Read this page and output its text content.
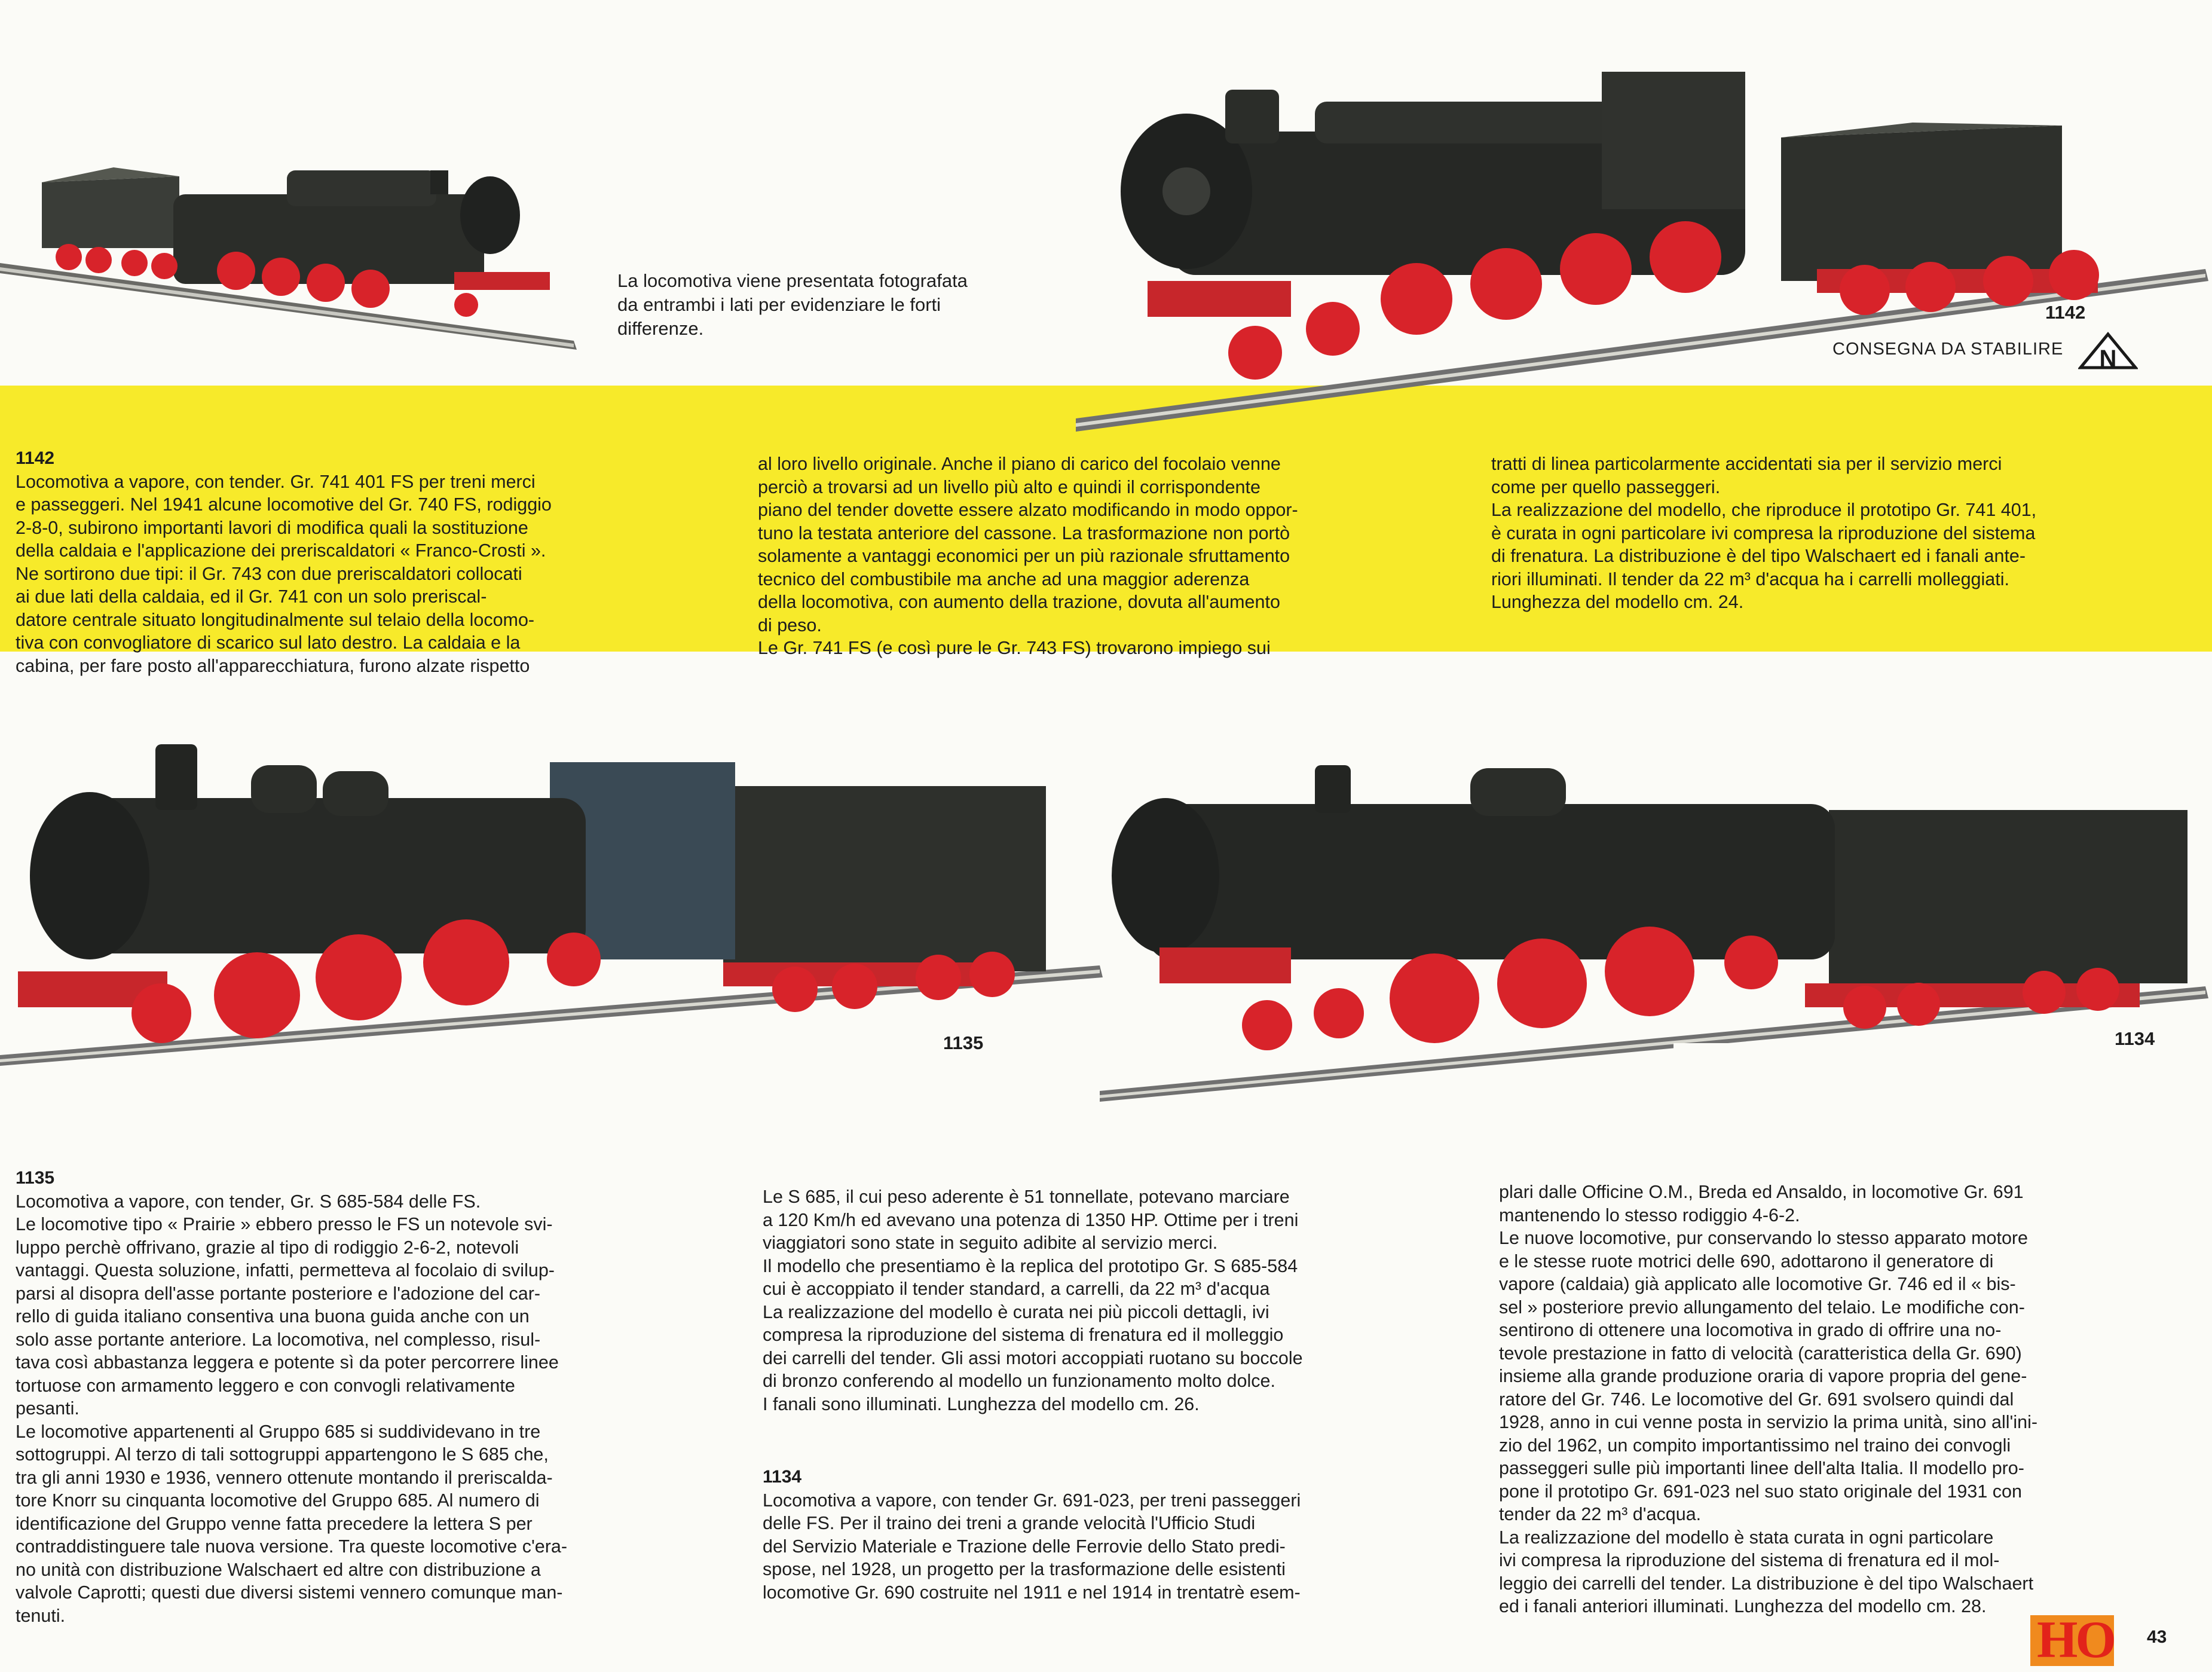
La locomotiva viene presentata fotografata

da entrambi i lati per evidenziare le forti

differenze.

1142
CONSEGNA DA STABILIRE N

1142

Locomotiva a vapore, con tender. Gr. 741 401 FS per treni merci

e passeggeri. Nel 1941 alcune locomotive del Gr. 740 FS, rodiggio

2-8-0, subirono importanti lavori di modifica quali la sostituzione

della caldaia e l'applicazione dei preriscaldatori « Franco-Crosti ».

Ne sortirono due tipi: il Gr. 743 con due preriscaldatori collocati

ai due lati della caldaia, ed il Gr. 741 con un solo preriscal-

datore centrale situato longitudinalmente sul telaio della locomo-

tiva con convogliatore di scarico sul lato destro. La caldaia e la

cabina, per fare posto all'apparecchiatura, furono alzate rispetto

al loro livello originale. Anche il piano di carico del focolaio venne

perciò a trovarsi ad un livello più alto e quindi il corrispondente

piano del tender dovette essere alzato modificando in modo oppor-

tuno la testata anteriore del cassone. La trasformazione non portò

solamente a vantaggi economici per un più razionale sfruttamento

tecnico del combustibile ma anche ad una maggior aderenza

della locomotiva, con aumento della trazione, dovuta all'aumento

di peso.

Le Gr. 741 FS (e così pure le Gr. 743 FS) trovarono impiego sui

tratti di linea particolarmente accidentati sia per il servizio merci

come per quello passeggeri.

La realizzazione del modello, che riproduce il prototipo Gr. 741 401,

è curata in ogni particolare ivi compresa la riproduzione del sistema

di frenatura. La distribuzione è del tipo Walschaert ed i fanali ante-

riori illuminati. Il tender da 22 m³ d'acqua ha i carrelli molleggiati.

Lunghezza del modello cm. 24.

1135	1134

1135

Locomotiva a vapore, con tender, Gr. S 685-584 delle FS.

Le locomotive tipo « Prairie » ebbero presso le FS un notevole svi-

luppo perchè offrivano, grazie al tipo di rodiggio 2-6-2, notevoli

vantaggi. Questa soluzione, infatti, permetteva al focolaio di svilup-

parsi al disopra dell'asse portante posteriore e l'adozione del car-

rello di guida italiano consentiva una buona guida anche con un

solo asse portante anteriore. La locomotiva, nel complesso, risul-

tava così abbastanza leggera e potente sì da poter percorrere linee

tortuose con armamento leggero e con convogli relativamente

pesanti.

Le locomotive appartenenti al Gruppo 685 si suddividevano in tre

sottogruppi. Al terzo di tali sottogruppi appartengono le S 685 che,

tra gli anni 1930 e 1936, vennero ottenute montando il preriscalda-

tore Knorr su cinquanta locomotive del Gruppo 685. Al numero di

identificazione del Gruppo venne fatta precedere la lettera S per

contraddistinguere tale nuova versione. Tra queste locomotive c'era-

no unità con distribuzione Walschaert ed altre con distribuzione a

valvole Caprotti; questi due diversi sistemi vennero comunque man-

tenuti.

Le S 685, il cui peso aderente è 51 tonnellate, potevano marciare

a 120 Km/h ed avevano una potenza di 1350 HP. Ottime per i treni

viaggiatori sono state in seguito adibite al servizio merci.

Il modello che presentiamo è la replica del prototipo Gr. S 685-584

cui è accoppiato il tender standard, a carrelli, da 22 m³ d'acqua

La realizzazione del modello è curata nei più piccoli dettagli, ivi

compresa la riproduzione del sistema di frenatura ed il molleggio

dei carrelli del tender. Gli assi motori accoppiati ruotano su boccole

di bronzo conferendo al modello un funzionamento molto dolce.

I fanali sono illuminati. Lunghezza del modello cm. 26.

1134

Locomotiva a vapore, con tender Gr. 691-023, per treni passeggeri

delle FS. Per il traino dei treni a grande velocità l'Ufficio Studi

del Servizio Materiale e Trazione delle Ferrovie dello Stato predi-

spose, nel 1928, un progetto per la trasformazione delle esistenti

locomotive Gr. 690 costruite nel 1911 e nel 1914 in trentatrè esem-

plari dalle Officine O.M., Breda ed Ansaldo, in locomotive Gr. 691

mantenendo lo stesso rodiggio 4-6-2.

Le nuove locomotive, pur conservando lo stesso apparato motore

e le stesse ruote motrici delle 690, adottarono il generatore di

vapore (caldaia) già applicato alle locomotive Gr. 746 ed il « bis-

sel » posteriore previo allungamento del telaio. Le modifiche con-

sentirono di ottenere una locomotiva in grado di offrire una no-

tevole prestazione in fatto di velocità (caratteristica della Gr. 690)

insieme alla grande produzione oraria di vapore propria del gene-

ratore del Gr. 746. Le locomotive del Gr. 691 svolsero quindi dal

1928, anno in cui venne posta in servizio la prima unità, sino all'ini-

zio del 1962, un compito importantissimo nel traino dei convogli

passeggeri sulle più importanti linee dell'alta Italia. Il modello pro-

pone il prototipo Gr. 691-023 nel suo stato originale del 1931 con

tender da 22 m³ d'acqua.

La realizzazione del modello è stata curata in ogni particolare

ivi compresa la riproduzione del sistema di frenatura ed il mol-

leggio dei carrelli del tender. La distribuzione è del tipo Walschaert

ed i fanali anteriori illuminati. Lunghezza del modello cm. 28.

HO 43
